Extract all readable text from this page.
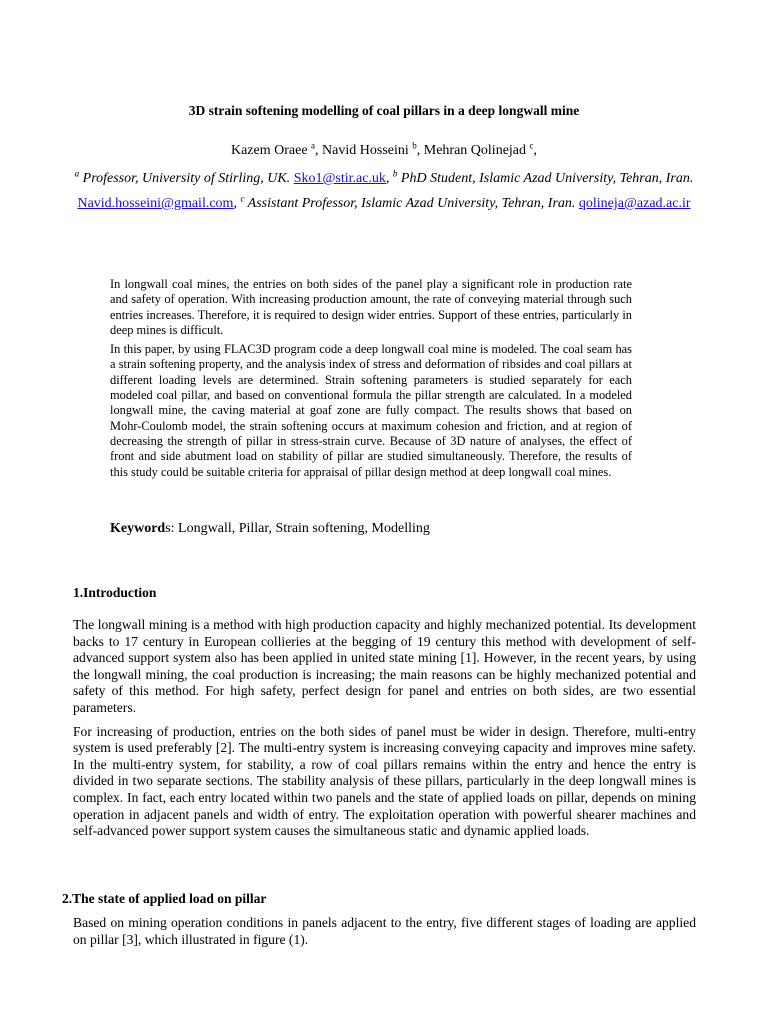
3D strain softening modelling of coal pillars in a deep longwall mine
Kazem Oraee $^a$, Navid Hosseini $^b$, Mehran Qolinejad $^c$,
$^a$ Professor, University of Stirling, UK. Sko1@stir.ac.uk, $^b$ PhD Student, Islamic Azad University, Tehran, Iran. Navid.hosseini@gmail.com, $^c$ Assistant Professor, Islamic Azad University, Tehran, Iran. qolineja@azad.ac.ir

In longwall coal mines, the entries on both sides of the panel play a significant role in production rate and safety of operation. With increasing production amount, the rate of conveying material through such entries increases. Therefore, it is required to design wider entries. Support of these entries, particularly in deep mines is difficult.

In this paper, by using FLAC3D program code a deep longwall coal mine is modeled. The coal seam has a strain softening property, and the analysis index of stress and deformation of ribsides and coal pillars at different loading levels are determined. Strain softening parameters is studied separately for each modeled coal pillar, and based on conventional formula the pillar strength are calculated. In a modeled longwall mine, the caving material at goaf zone are fully compact. The results shows that based on Mohr-Coulomb model, the strain softening occurs at maximum cohesion and friction, and at region of decreasing the strength of pillar in stress-strain curve. Because of 3D nature of analyses, the effect of front and side abutment load on stability of pillar are studied simultaneously. Therefore, the results of this study could be suitable criteria for appraisal of pillar design method at deep longwall coal mines.

Keywords: Longwall, Pillar, Strain softening, Modelling
1.Introduction

The longwall mining is a method with high production capacity and highly mechanized potential. Its development backs to 17 century in European collieries at the begging of 19 century this method with development of self-advanced support system also has been applied in united state mining [1]. However, in the recent years, by using the longwall mining, the coal production is increasing; the main reasons can be highly mechanized potential and safety of this method. For high safety, perfect design for panel and entries on both sides, are two essential parameters.

For increasing of production, entries on the both sides of panel must be wider in design. Therefore, multi-entry system is used preferably [2]. The multi-entry system is increasing conveying capacity and improves mine safety. In the multi-entry system, for stability, a row of coal pillars remains within the entry and hence the entry is divided in two separate sections. The stability analysis of these pillars, particularly in the deep longwall mines is complex. In fact, each entry located within two panels and the state of applied loads on pillar, depends on mining operation in adjacent panels and width of entry. The exploitation operation with powerful shearer machines and self-advanced power support system causes the simultaneous static and dynamic applied loads.

2.The state of applied load on pillar

Based on mining operation conditions in panels adjacent to the entry, five different stages of loading are applied on pillar [3], which illustrated in figure (1).
